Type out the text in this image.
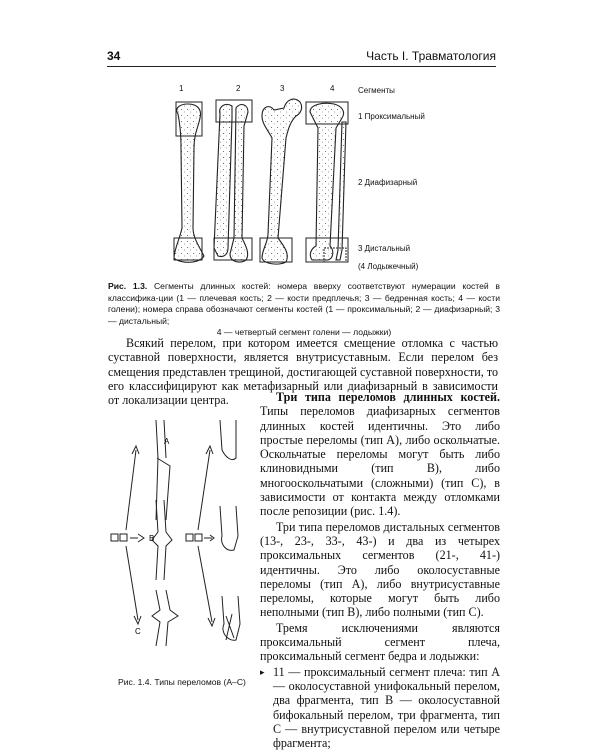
34	Часть I. Травматология
1	2	3	4	Сегменты
1 Проксимальный
2 Диафизарный
3 Дистальный
(4 Лодыжечный)
Рис. 1.3. Сегменты длинных костей: номера вверху соответствуют нумерации костей в классифика-ции (1 — плечевая кость; 2 — кости предплечья; 3 — бедренная кость; 4 — кости голени); номера справа обозначают сегменты костей (1 — проксимальный; 2 — диафизарный; 3 — дистальный;
4 — четвертый сегмент голени — лодыжки)
Всякий перелом, при котором имеется смещение отломка с частью суставной поверхности, является внутрисуставным. Если перелом без смещения представлен трещиной, достигающей суставной поверхности, то его классифицируют как метафизарный или диафизарный в зависимости от локализации центра.
A
B
C
Рис. 1.4. Типы переломов (А–С)

Три типа переломов длинных костей. Типы переломов диафизарных сегментов длинных костей идентичны. Это либо простые переломы (тип А), либо оскольчатые. Оскольчатые переломы могут быть либо клиновидными (тип В), либо многооскольчатыми (сложными) (тип С), в зависимости от контакта между отломками после репозиции (рис. 1.4).

Три типа переломов дистальных сегментов (13-, 23-, 33-, 43-) и два из четырех проксимальных сегментов (21-, 41-) идентичны. Это либо околосуставные переломы (тип А), либо внутрисуставные переломы, которые могут быть либо неполными (тип В), либо полными (тип С).

Тремя исключениями являются проксимальный сегмент плеча, проксимальный сегмент бедра и лодыжки:

▸ 11 — проксимальный сегмент плеча: тип А — околосуставной унифокальный перелом, два фрагмента, тип В — околосуставной бифокальный перелом, три фрагмента, тип С — внутрисуставной перелом или четыре фрагмента;
